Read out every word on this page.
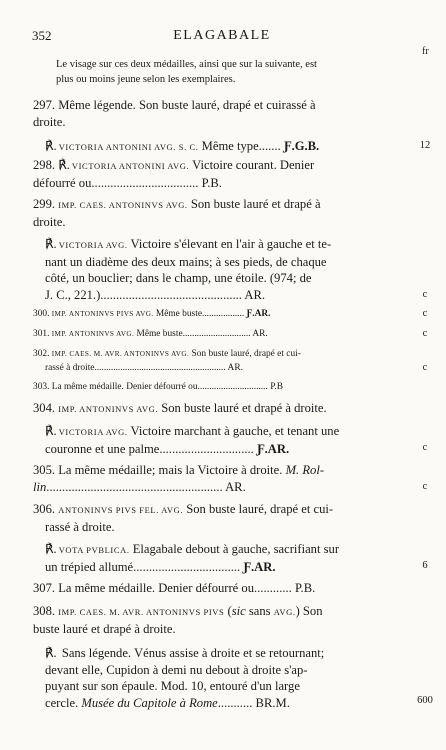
352	ELAGABALE
fr
Le visage sur ces deux médailles, ainsi que sur la suivante, est
plus ou moins jeune selon les exemplaires.
297. Même légende. Son buste lauré, drapé et cuirassé à
droite.
℟. VICTORIA ANTONINI AVG. S. C. Même type....... Ƒ.G.B.	12
298. ℟. VICTORIA ANTONINI AVG. Victoire courant. Denier
défourré ou.................................. P.B.
299. IMP. CAES. ANTONINVS AVG. Son buste lauré et drapé à
droite.
℟. VICTORIA AVG. Victoire s'élevant en l'air à gauche et te-
nant un diadème des deux mains; à ses pieds, de chaque
côté, un bouclier; dans le champ, une étoile. (974; de
J. C., 221.)............................................. AR.	c
300. IMP. ANTONINVS PIVS AVG. Même buste.................. Ƒ.AR.	c
301. IMP. ANTONINVS AVG. Même buste............................. AR.	c
302. IMP. CAES. M. AVR. ANTONINVS AVG. Son buste lauré, drapé et cui-
rassé à droite........................................................ AR.	c
303. La même médaille. Denier défourré ou.............................. P.B
304. IMP. ANTONINVS AVG. Son buste lauré et drapé à droite.
℟. VICTORIA AVG. Victoire marchant à gauche, et tenant une
couronne et une palme.............................. Ƒ.AR.	c
305. La même médaille; mais la Victoire à droite. M. Rol-
lin........................................................ AR.	c
306. ANTONINVS PIVS FEL. AVG. Son buste lauré, drapé et cui-
rassé à droite.
℟. VOTA PVBLICA. Elagabale debout à gauche, sacrifiant sur
un trépied allumé.................................. Ƒ.AR.	6
307. La même médaille. Denier défourré ou............ P.B.
308. IMP. CAES. M. AVR. ANTONINVS PIVS (sic sans AVG.) Son
buste lauré et drapé à droite.
℟. Sans légende. Vénus assise à droite et se retournant;
devant elle, Cupidon à demi nu debout à droite s'ap-
puyant sur son épaule. Mod. 10, entouré d'un large
cercle. Musée du Capitole à Rome........... BR.M.	600
